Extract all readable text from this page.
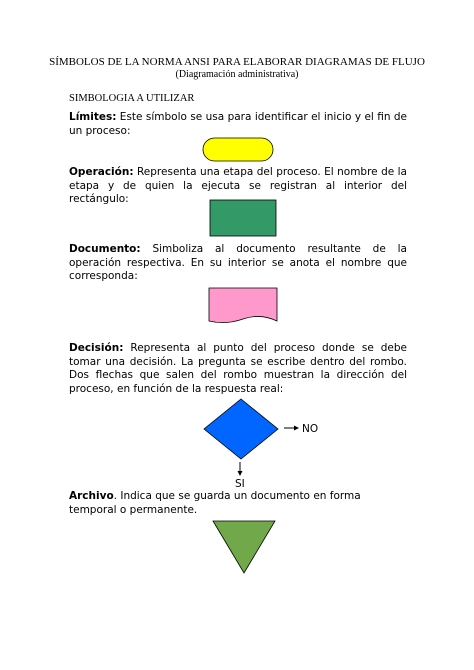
SÍMBOLOS DE LA NORMA ANSI PARA ELABORAR DIAGRAMAS DE FLUJO
(Diagramación administrativa)
SIMBOLOGIA A UTILIZAR
Límites: Este símbolo se usa para identificar el inicio y el fin de un proceso:
Operación: Representa una etapa del proceso. El nombre de la etapa y de quien la ejecuta se registran al interior del rectángulo:
Documento: Simboliza al documento resultante de la operación respectiva. En su interior se anota el nombre que corresponda:
Decisión: Representa al punto del proceso donde se debe tomar una decisión. La pregunta se escribe dentro del rombo. Dos flechas que salen del rombo muestran la dirección del proceso, en función de la respuesta real:
NO
SI
Archivo. Indica que se guarda un documento en forma temporal o permanente.
